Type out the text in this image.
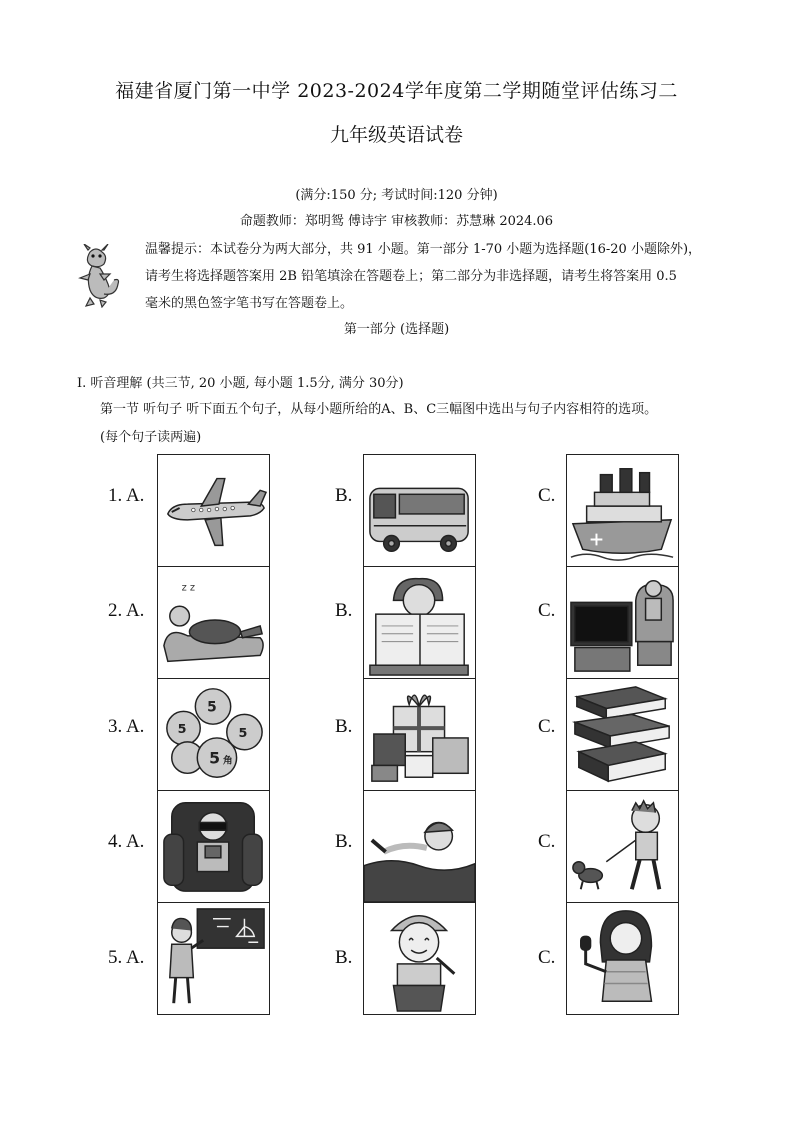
福建省厦门第一中学 2023-2024学年度第二学期随堂评估练习二
九年级英语试卷
(满分:150 分; 考试时间:120 分钟)
命题教师：郑明鸳 傅诗宇 审核教师：苏慧琳 2024.06
温馨提示：本试卷分为两大部分，共 91 小题。第一部分 1-70 小题为选择题(16-20 小题除外)，
请考生将选择题答案用 2B 铅笔填涂在答题卷上；第二部分为非选择题，请考生将答案用 0.5
毫米的黑色签字笔书写在答题卷上。
第一部分 (选择题)
I. 听音理解 (共三节, 20 小题, 每小题 1.5分, 满分 30分)
第一节 听句子 听下面五个句子，从每小题所给的A、B、C三幅图中选出与句子内容相符的选项。
(每个句子读两遍)
1. A.	B.	C.
2. A.	B.	C.
z z
3. A.	B.	C.
5
5	5
5 角
4. A.	B.	C.
5. A.	B.	C.
